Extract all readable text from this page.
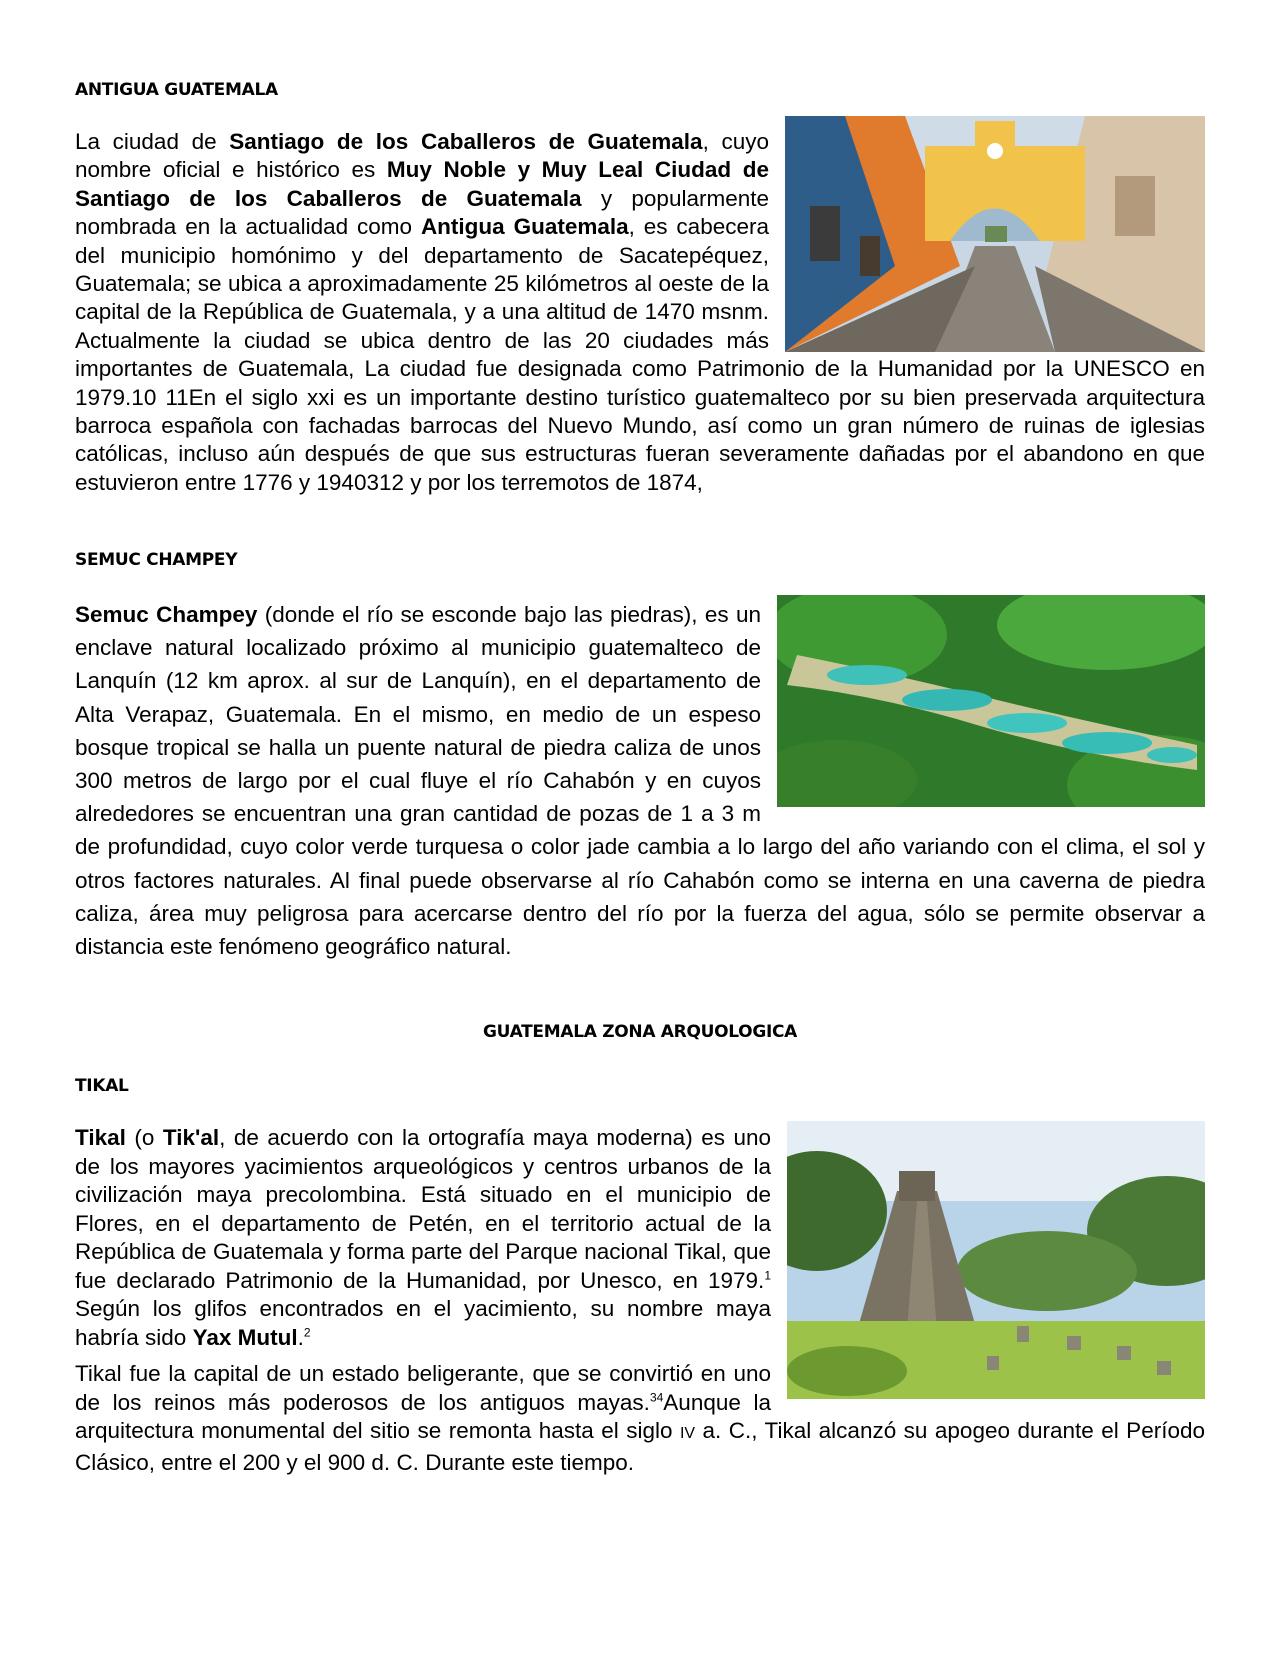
ANTIGUA GUATEMALA
La ciudad de Santiago de los Caballeros de Guatemala, cuyo nombre oficial e histórico es Muy Noble y Muy Leal Ciudad de Santiago de los Caballeros de Guatemala y popularmente nombrada en la actualidad como Antigua Guatemala, es cabecera del municipio homónimo y del departamento de Sacatepéquez, Guatemala; se ubica a aproximadamente 25 kilómetros al oeste de la capital de la República de Guatemala, y a una altitud de 1470 msnm. Actualmente la ciudad se ubica dentro de las 20 ciudades más importantes de Guatemala, La ciudad fue designada como Patrimonio de la Humanidad por la UNESCO en 1979.10 11En el siglo xxi es un importante destino turístico guatemalteco por su bien preservada arquitectura barroca española con fachadas barrocas del Nuevo Mundo, así como un gran número de ruinas de iglesias católicas, incluso aún después de que sus estructuras fueran severamente dañadas por el abandono en que estuvieron entre 1776 y 1940312 y por los terremotos de 1874,
SEMUC CHAMPEY
Semuc Champey (donde el río se esconde bajo las piedras), es un enclave natural localizado próximo al municipio guatemalteco de Lanquín (12 km aprox. al sur de Lanquín), en el departamento de Alta Verapaz, Guatemala. En el mismo, en medio de un espeso bosque tropical se halla un puente natural de piedra caliza de unos 300 metros de largo por el cual fluye el río Cahabón y en cuyos alrededores se encuentran una gran cantidad de pozas de 1 a 3 m de profundidad, cuyo color verde turquesa o color jade cambia a lo largo del año variando con el clima, el sol y otros factores naturales. Al final puede observarse al río Cahabón como se interna en una caverna de piedra caliza, área muy peligrosa para acercarse dentro del río por la fuerza del agua, sólo se permite observar a distancia este fenómeno geográfico natural.
GUATEMALA ZONA ARQUOLOGICA
TIKAL
Tikal (o Tik'al, de acuerdo con la ortografía maya moderna) es uno de los mayores yacimientos arqueológicos y centros urbanos de la civilización maya precolombina. Está situado en el municipio de Flores, en el departamento de Petén, en el territorio actual de la República de Guatemala y forma parte del Parque nacional Tikal, que fue declarado Patrimonio de la Humanidad, por Unesco, en 1979.$^1$ Según los glifos encontrados en el yacimiento, su nombre maya habría sido Yax Mutul.$^2$
Tikal fue la capital de un estado beligerante, que se convirtió en uno de los reinos más poderosos de los antiguos mayas.$^{34}$Aunque la arquitectura monumental del sitio se remonta hasta el siglo IV a. C., Tikal alcanzó su apogeo durante el Período Clásico, entre el 200 y el 900 d. C. Durante este tiempo.
